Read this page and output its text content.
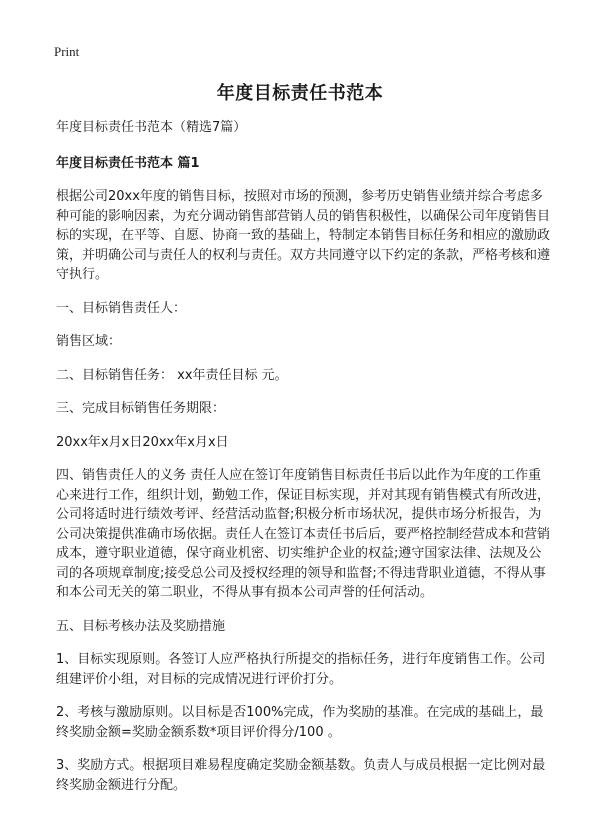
Print
年度目标责任书范本

年度目标责任书范本（精选7篇）

年度目标责任书范本 篇1

根据公司20xx年度的销售目标，按照对市场的预测，参考历史销售业绩并综合考虑多种可能的影响因素，为充分调动销售部营销人员的销售积极性，以确保公司年度销售目标的实现，在平等、自愿、协商一致的基础上，特制定本销售目标任务和相应的激励政策，并明确公司与责任人的权利与责任。双方共同遵守以下约定的条款，严格考核和遵守执行。

一、目标销售责任人：

销售区域：

二、目标销售任务： xx年责任目标 元。

三、完成目标销售任务期限：

20xx年x月x日20xx年x月x日

四、销售责任人的义务 责任人应在签订年度销售目标责任书后以此作为年度的工作重心来进行工作，组织计划，勤勉工作，保证目标实现，并对其现有销售模式有所改进，公司将适时进行绩效考评、经营活动监督;积极分析市场状况，提供市场分析报告，为公司决策提供准确市场依据。责任人在签订本责任书后后，要严格控制经营成本和营销成本，遵守职业道德，保守商业机密、切实维护企业的权益;遵守国家法律、法规及公司的各项规章制度;接受总公司及授权经理的领导和监督;不得违背职业道德，不得从事和本公司无关的第二职业，不得从事有损本公司声誉的任何活动。

五、目标考核办法及奖励措施

1、目标实现原则。各签订人应严格执行所提交的指标任务，进行年度销售工作。公司组建评价小组，对目标的完成情况进行评价打分。

2、考核与激励原则。以目标是否100%完成，作为奖励的基准。在完成的基础上，最终奖励金额=奖励金额系数*项目评价得分/100 。

3、奖励方式。根据项目难易程度确定奖励金额基数。负责人与成员根据一定比例对最终奖励金额进行分配。
